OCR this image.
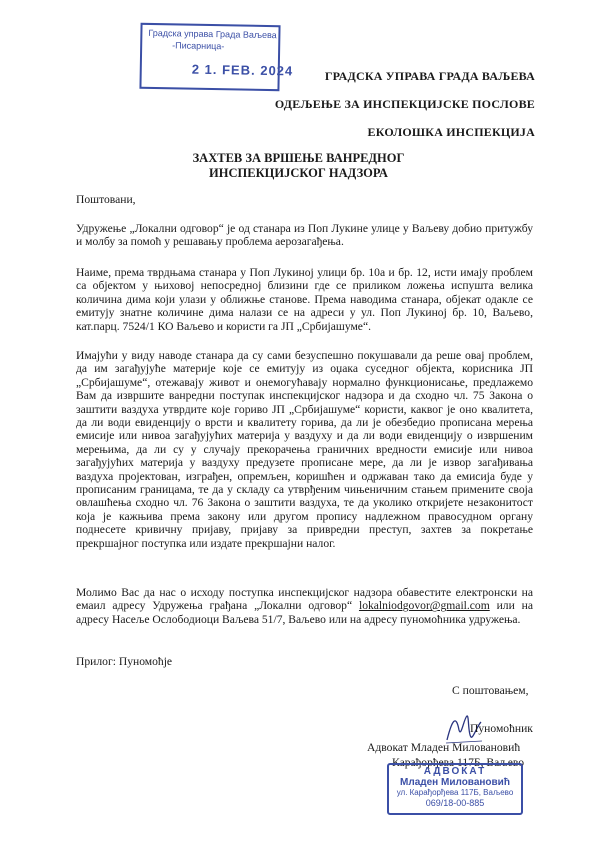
Градска управа Града Ваљева
-Писарница-
2 1. FEB. 2024	ГРАДСКА УПРАВА ГРАДА ВАЉЕВА
ОДЕЉЕЊЕ ЗА ИНСПЕКЦИЈСКЕ ПОСЛОВЕ
ЕКОЛОШКА ИНСПЕКЦИЈА
ЗАХТЕВ ЗА ВРШЕЊЕ ВАНРЕДНОГ
ИНСПЕКЦИЈСКОГ НАДЗОРА
Поштовани,
Удружење „Локални одговор“ је од станара из Поп Лукине улице у Ваљеву добио притужбу и молбу за помоћ у решавању проблема аерозагађења.
Наиме, према тврдњама станара у Поп Лукиној улици бр. 10а и бр. 12, исти имају проблем са објектом у њиховој непосредној близини где се приликом ложења испушта велика количина дима који улази у оближње станове. Према наводима станара, објекат одакле се емитују знатне количине дима налази се на адреси у ул. Поп Лукиној бр. 10, Ваљево, кат.парц. 7524/1 КО Ваљево и користи га ЈП „Србијашуме“.
Имајући у виду наводе станара да су сами безуспешно покушавали да реше овај проблем, да им загађујуће материје које се емитују из оџака суседног објекта, корисника ЈП „Србијашуме“, отежавају живот и онемогућавају нормално функционисање, предлажемо Вам да извршите ванредни поступак инспекцијског надзора и да сходно чл. 75 Закона о заштити ваздуха утврдите које гориво ЈП „Србијашуме“ користи, каквог је оно квалитета, да ли води евиденцију о врсти и квалитету горива, да ли је обезбедио прописана мерења емисије или нивоа загађујућих материја у ваздуху и да ли води евиденцију о извршеним мерењима, да ли су у случају прекорачења граничних вредности емисије или нивоа загађујућих материја у ваздуху предузете прописане мере, да ли је извор загађивања ваздуха пројектован, изграђен, опремљен, коришћен и одржаван тако да емисија буде у прописаним границама, те да у складу са утврђеним чињеничним стањем примените своја овлашћења сходно чл. 76 Закона о заштити ваздуха, те да уколико откријете незаконитост која је кажњива према закону или другом пропису надлежном правосудном органу поднесете кривичну пријаву, пријаву за привредни преступ, захтев за покретање прекршајног поступка или издате прекршајни налог.
Молимо Вас да нас о исходу поступка инспекцијског надзора обавестите електронски на емаил адресу Удружења грађана „Локални одговор“ lokalniodgovor@gmail.com или на адресу Насеље Ослободиоци Ваљева 51/7, Ваљево или на адресу пуномоћника удружења.
Прилог: Пуномоћје
С поштовањем,
Пуномоћник
Адвокат Младен Миловановић
Карађорђева 117Б, Ваљево
АДВОКАТ
Младен Миловановић
ул. Карађорђева 117Б, Ваљево
069/18-00-885
